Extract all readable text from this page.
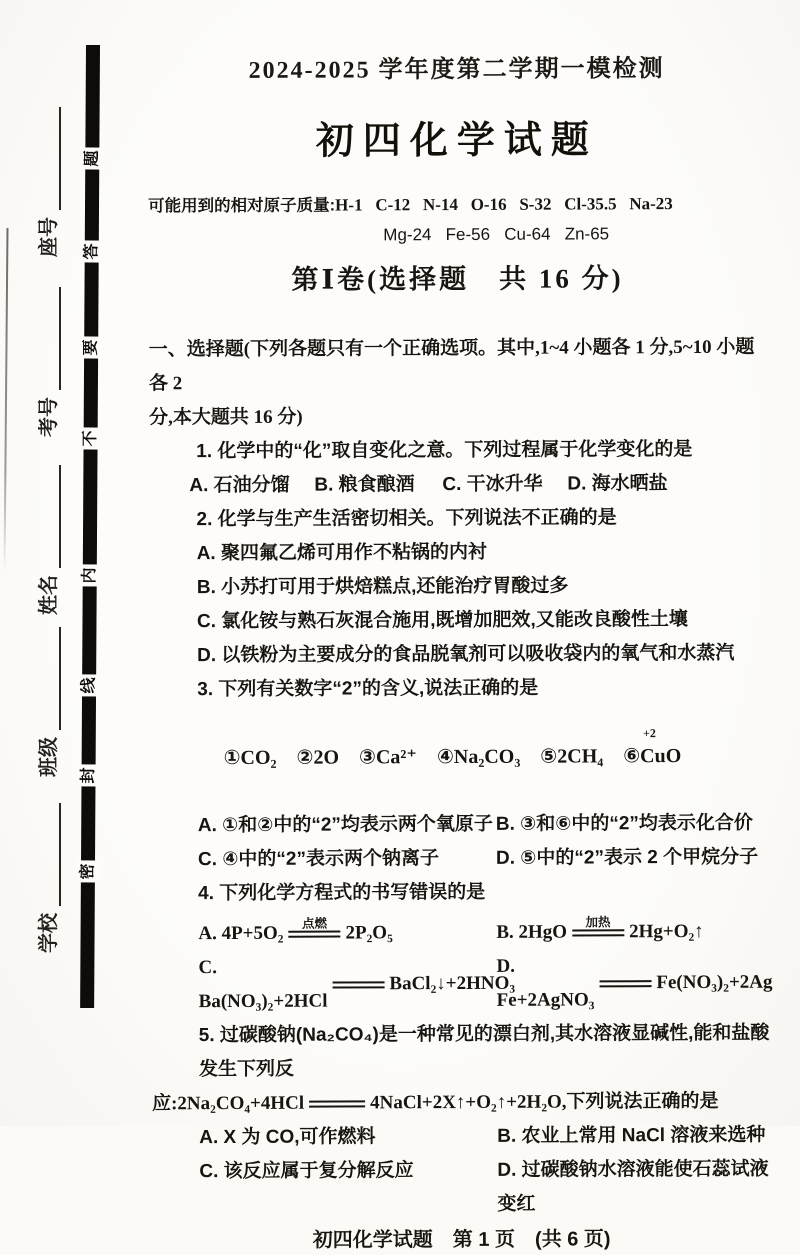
座号
考号
姓名
班级
学校
题
答
要
不
内
线
封
密
2024-2025 学年度第二学期一模检测
初四化学试题
可能用到的相对原子质量:H-1   C-12   N-14   O-16   S-32   Cl-35.5   Na-23
Mg-24   Fe-56   Cu-64   Zn-65
第Ⅰ卷(选择题　共 16 分)
一、选择题(下列各题只有一个正确选项。其中,1~4 小题各 1 分,5~10 小题各 2
分,本大题共 16 分)
1. 化学中的“化”取自变化之意。下列过程属于化学变化的是
A. 石油分馏	B. 粮食酿酒	C. 干冰升华	D. 海水晒盐
2. 化学与生产生活密切相关。下列说法不正确的是
A. 聚四氟乙烯可用作不粘锅的内衬
B. 小苏打可用于烘焙糕点,还能治疗胃酸过多
C. 氯化铵与熟石灰混合施用,既增加肥效,又能改良酸性土壤
D. 以铁粉为主要成分的食品脱氧剂可以吸收袋内的氧气和水蒸汽
3. 下列有关数字“2”的含义,说法正确的是

①CO₂　②2O　③Ca²⁺　④Na₂CO₃　⑤2CH₄　⑥
+2
CuO

A. ①和②中的“2”均表示两个氧原子 B. ③和⑥中的“2”均表示化合价
C. ④中的“2”表示两个钠离子	D. ⑤中的“2”表示 2 个甲烷分子
4. 下列化学方程式的书写错误的是
A. 4P+5O₂ 点燃 2P₂O₅	B. 2HgO 加热 2Hg+O₂↑
C. Ba(NO₃)₂+2HCl
BaCl₂↓+2HNO₃
D. Fe+2AgNO₃
Fe(NO₃)₂+2Ag
5. 过碳酸钠(Na₂CO₄)是一种常见的漂白剂,其水溶液显碱性,能和盐酸发生下列反
应:2Na₂CO₄+4HCl	4NaCl+2X↑+O₂↑+2H₂O,下列说法正确的是
A. X 为 CO,可作燃料	B. 农业上常用 NaCl 溶液来选种
C. 该反应属于复分解反应	D. 过碳酸钠水溶液能使石蕊试液变红
初四化学试题　第 1 页　(共 6 页)
